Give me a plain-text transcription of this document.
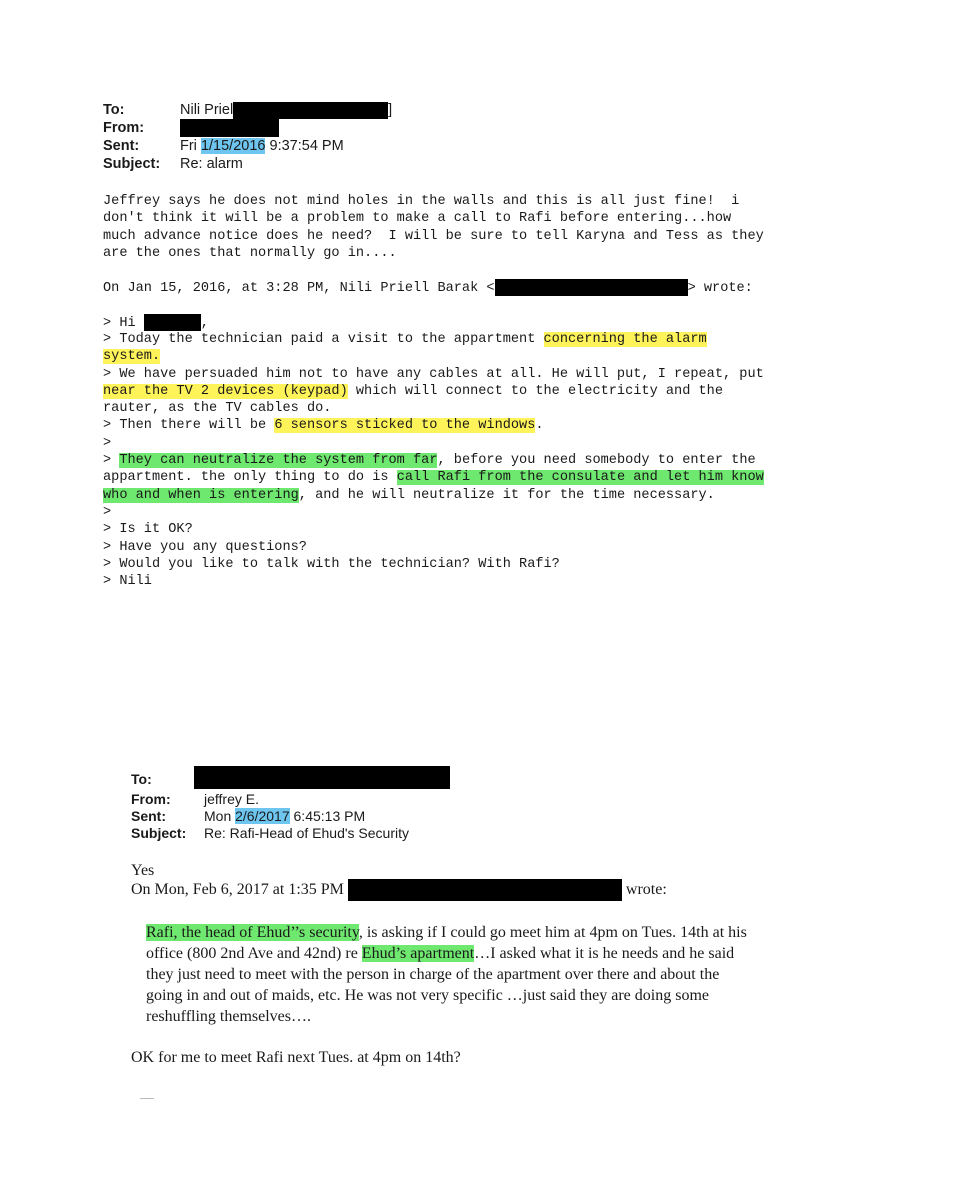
To:	Nili Priel	]
From:
Sent:	Fri 1/15/2016 9:37:54 PM
Subject: Re: alarm

Jeffrey says he does not mind holes in the walls and this is all just fine!  i

don't think it will be a problem to make a call to Rafi before entering...how

much advance notice does he need?  I will be sure to tell Karyna and Tess as they

are the ones that normally go in....

On Jan 15, 2016, at 3:28 PM, Nili Priell Barak <	> wrote:

> Hi	,

> Today the technician paid a visit to the appartment concerning the alarm

system.

> We have persuaded him not to have any cables at all. He will put, I repeat, put

near the TV 2 devices (keypad) which will connect to the electricity and the

rauter, as the TV cables do.

> Then there will be 6 sensors sticked to the windows.

>

> They can neutralize the system from far, before you need somebody to enter the

appartment. the only thing to do is call Rafi from the consulate and let him know

who and when is entering, and he will neutralize it for the time necessary.

>

> Is it OK?

> Have you any questions?

> Would you like to talk with the technician? With Rafi?

> Nili

To:
From: jeffrey E.
Sent:	Mon 2/6/2017 6:45:13 PM
Subject: Re: Rafi-Head of Ehud's Security
Yes
On Mon, Feb 6, 2017 at 1:35 PM	wrote:
Rafi, the head of Ehud’’s security, is asking if I could go meet him at 4pm on Tues. 14th at his
office (800 2nd Ave and 42nd) re Ehud’s apartment…I asked what it is he needs and he said
they just need to meet with the person in charge of the apartment over there and about the
going in and out of maids, etc. He was not very specific …just said they are doing some
reshuffling themselves….
OK for me to meet Rafi next Tues. at 4pm on 14th?
